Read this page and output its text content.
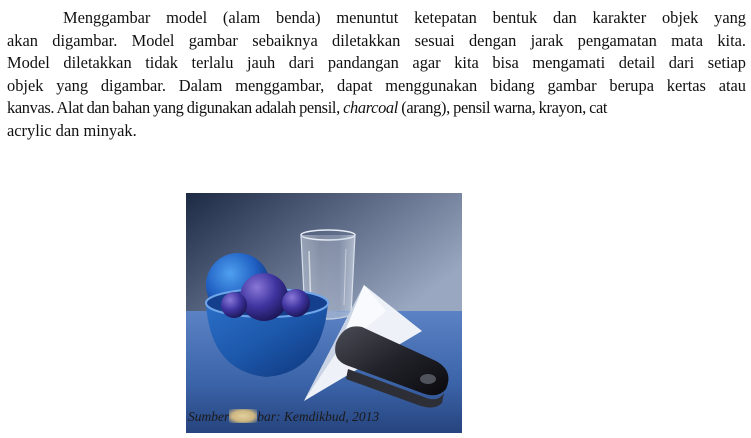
Menggambar model (alam benda) menuntut ketepatan bentuk dan karakter objek yang
akan digambar. Model gambar sebaiknya diletakkan sesuai dengan jarak pengamatan mata kita.
Model diletakkan tidak terlalu jauh dari pandangan agar kita bisa mengamati detail dari setiap
objek yang digambar. Dalam menggambar, dapat menggunakan bidang gambar berupa kertas atau
kanvas. Alat dan bahan yang digunakan adalah pensil, charcoal (arang), pensil warna, krayon, cat
acrylic dan minyak.
Sumber bar: Kemdikbud, 2013
